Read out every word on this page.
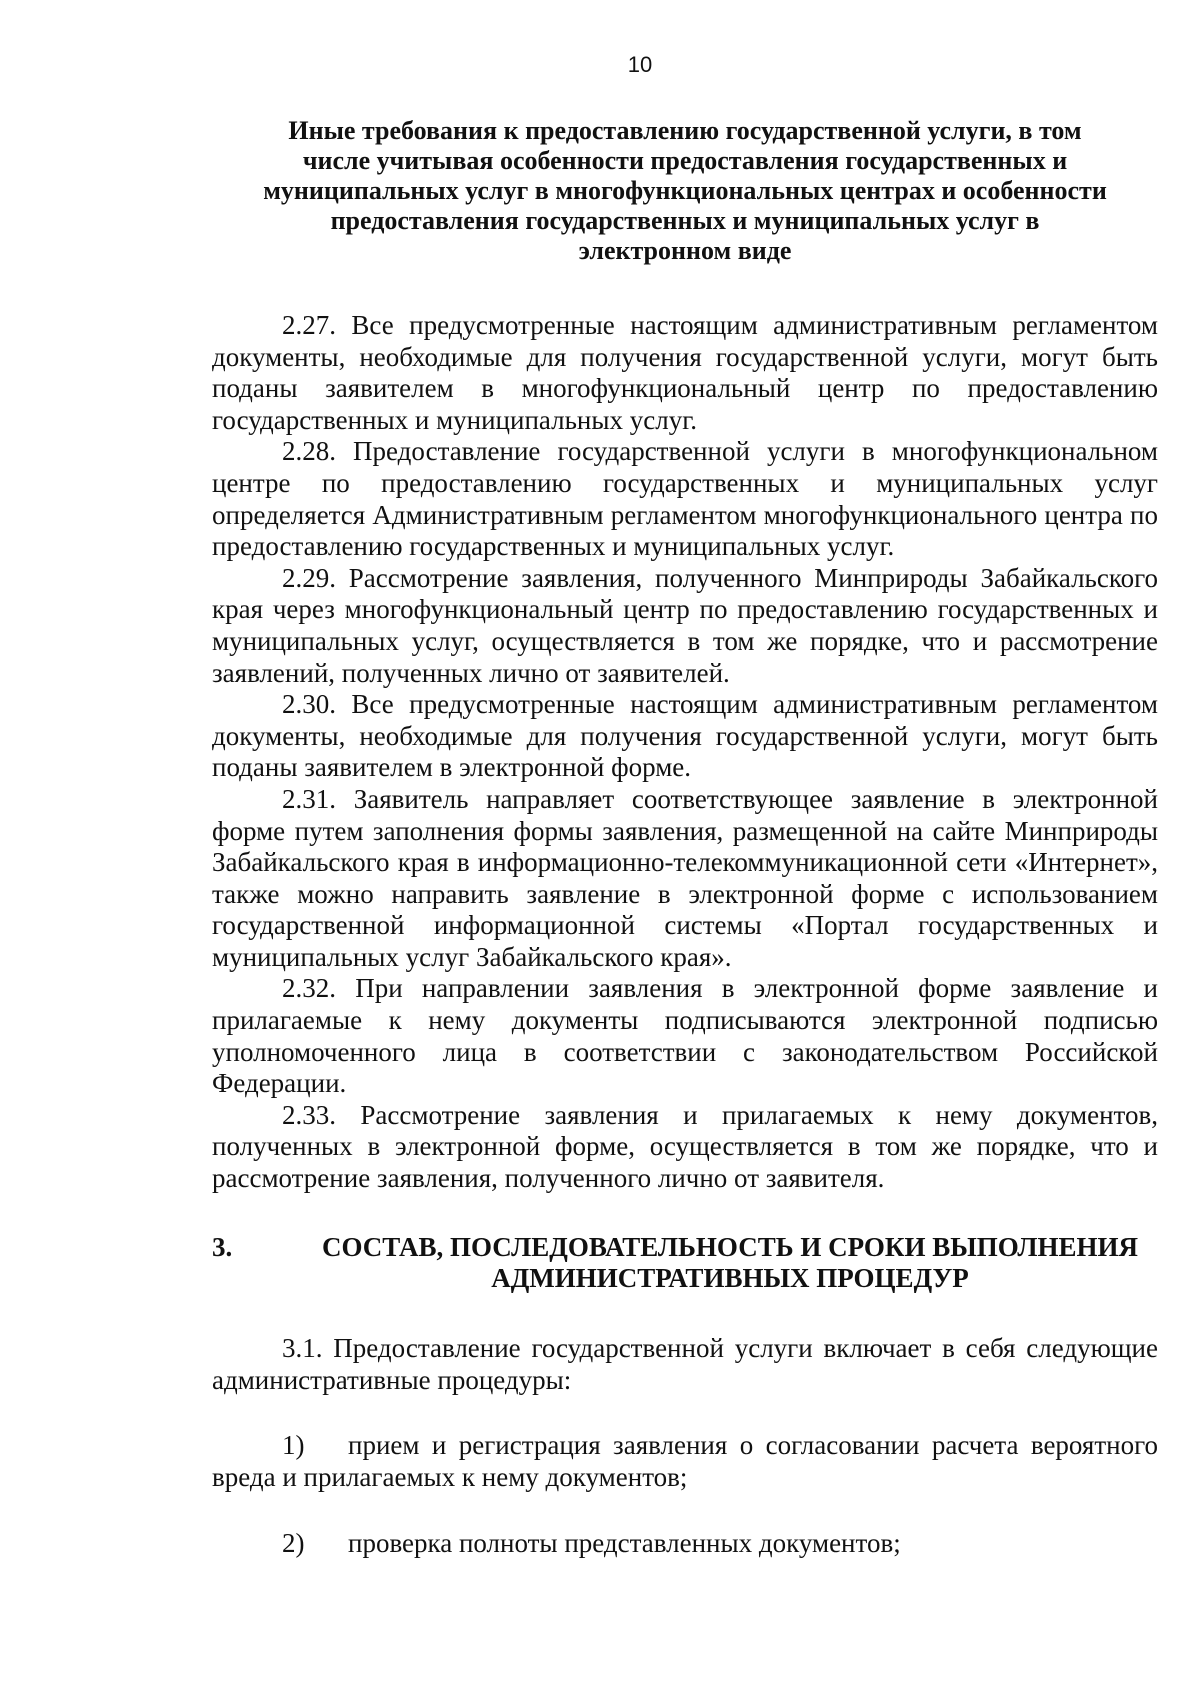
10
Иные требования к предоставлению государственной услуги, в том
числе учитывая особенности предоставления государственных и
муниципальных услуг в многофункциональных центрах и особенности
предоставления государственных и муниципальных услуг в
электронном виде

2.27. Все предусмотренные настоящим административным регламентом документы, необходимые для получения государственной услуги, могут быть поданы заявителем в многофункциональный центр по предоставлению государственных и муниципальных услуг.

2.28. Предоставление государственной услуги в многофункциональном центре по предоставлению государственных и муниципальных услуг определяется Административным регламентом многофункционального центра по предоставлению государственных и муниципальных услуг.

2.29. Рассмотрение заявления, полученного Минприроды Забайкальского края через многофункциональный центр по предоставлению государственных и муниципальных услуг, осуществляется в том же порядке, что и рассмотрение заявлений, полученных лично от заявителей.

2.30. Все предусмотренные настоящим административным регламентом документы, необходимые для получения государственной услуги, могут быть поданы заявителем в электронной форме.

2.31. Заявитель направляет соответствующее заявление в электронной форме путем заполнения формы заявления, размещенной на сайте Минприроды Забайкальского края в информационно-телекоммуникационной сети «Интернет», также можно направить заявление в электронной форме с использованием государственной информационной системы «Портал государственных и муниципальных услуг Забайкальского края».

2.32. При направлении заявления в электронной форме заявление и прилагаемые к нему документы подписываются электронной подписью уполномоченного лица в соответствии с законодательством Российской Федерации.

2.33. Рассмотрение заявления и прилагаемых к нему документов, полученных в электронной форме, осуществляется в том же порядке, что и рассмотрение заявления, полученного лично от заявителя.

3.	СОСТАВ, ПОСЛЕДОВАТЕЛЬНОСТЬ И СРОКИ ВЫПОЛНЕНИЯ
АДМИНИСТРАТИВНЫХ ПРОЦЕДУР

3.1. Предоставление государственной услуги включает в себя следующие административные процедуры:

1) прием и регистрация заявления о согласовании расчета вероятного вреда и прилагаемых к нему документов;

2) проверка полноты представленных документов;
